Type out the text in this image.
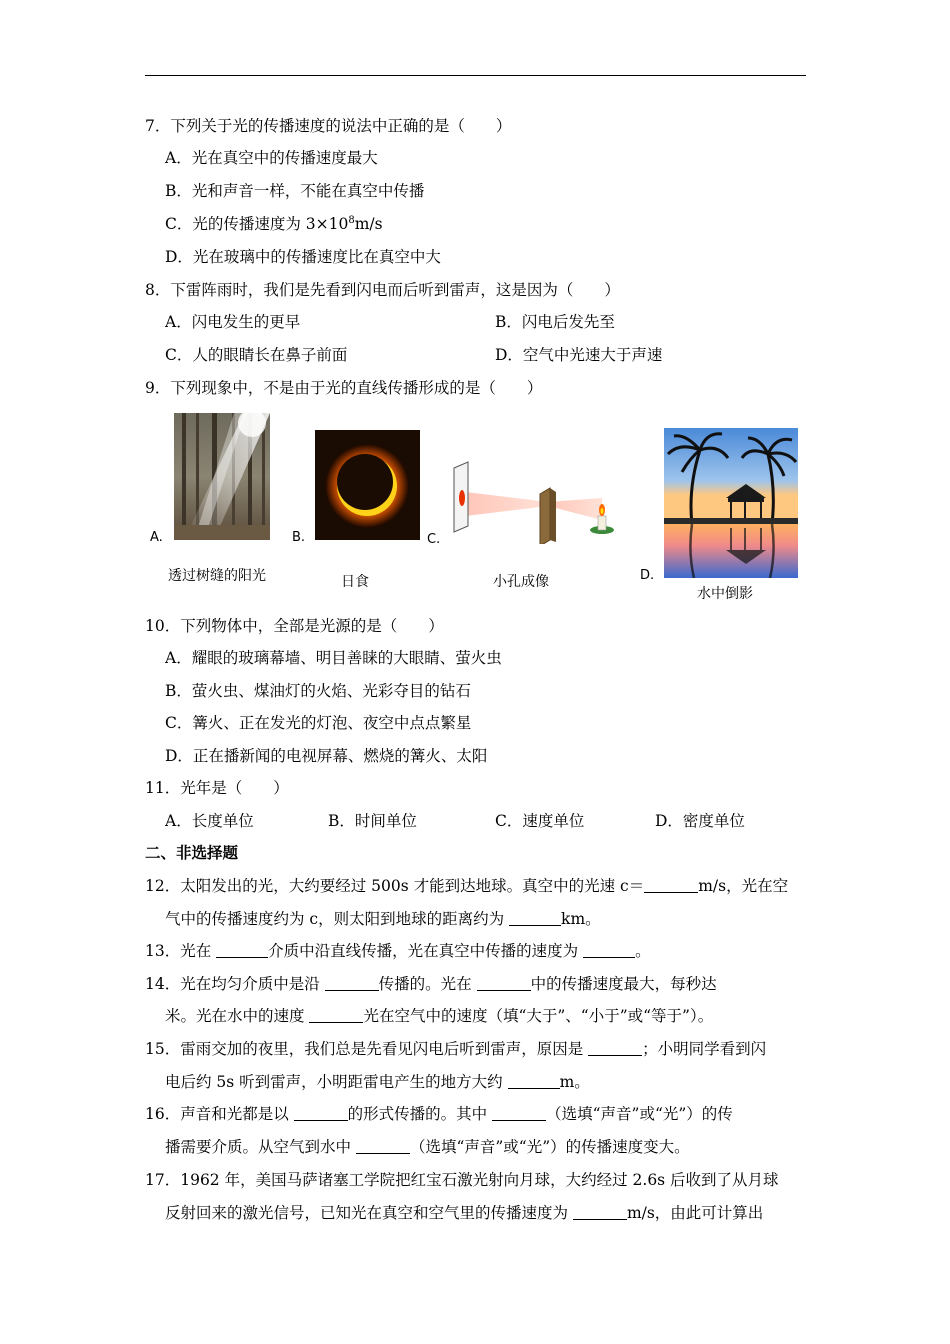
7．下列关于光的传播速度的说法中正确的是（　　）
A．光在真空中的传播速度最大
B．光和声音一样，不能在真空中传播
C．光的传播速度为 $3\times 10^8m/s$
D．光在玻璃中的传播速度比在真空中大
8．下雷阵雨时，我们是先看到闪电而后听到雷声，这是因为（　　）
A．闪电发生的更早	B．闪电后发先至
C．人的眼睛长在鼻子前面	D．空气中光速大于声速
9．下列现象中，不是由于光的直线传播形成的是（　　）
A.
透过树缝的阳光
B.
日食
C.
小孔成像	D.
水中倒影
10．下列物体中，全部是光源的是（　　）
A．耀眼的玻璃幕墙、明目善睐的大眼睛、萤火虫
B．萤火虫、煤油灯的火焰、光彩夺目的钻石
C．篝火、正在发光的灯泡、夜空中点点繁星
D．正在播新闻的电视屏幕、燃烧的篝火、太阳
11．光年是（　　）
A．长度单位	B．时间单位	C．速度单位	D．密度单位
二、非选择题
12．太阳发出的光，大约要经过 500s 才能到达地球。真空中的光速 c＝	m/s，光在空
气中的传播速度约为 c，则太阳到地球的距离约为	km。
13．光在	介质中沿直线传播，光在真空中传播的速度为	。
14．光在均匀介质中是沿	传播的。光在	中的传播速度最大，每秒达
米。光在水中的速度	光在空气中的速度（填“大于”、“小于”或“等于”）。
15．雷雨交加的夜里，我们总是先看见闪电后听到雷声，原因是	；小明同学看到闪
电后约 5s 听到雷声，小明距雷电产生的地方大约	m。
16．声音和光都是以	的形式传播的。其中	（选填“声音”或“光”）的传
播需要介质。从空气到水中	（选填“声音”或“光”）的传播速度变大。
17．1962 年，美国马萨诸塞工学院把红宝石激光射向月球，大约经过 2.6s 后收到了从月球
反射回来的激光信号，已知光在真空和空气里的传播速度为	m/s，由此可计算出
